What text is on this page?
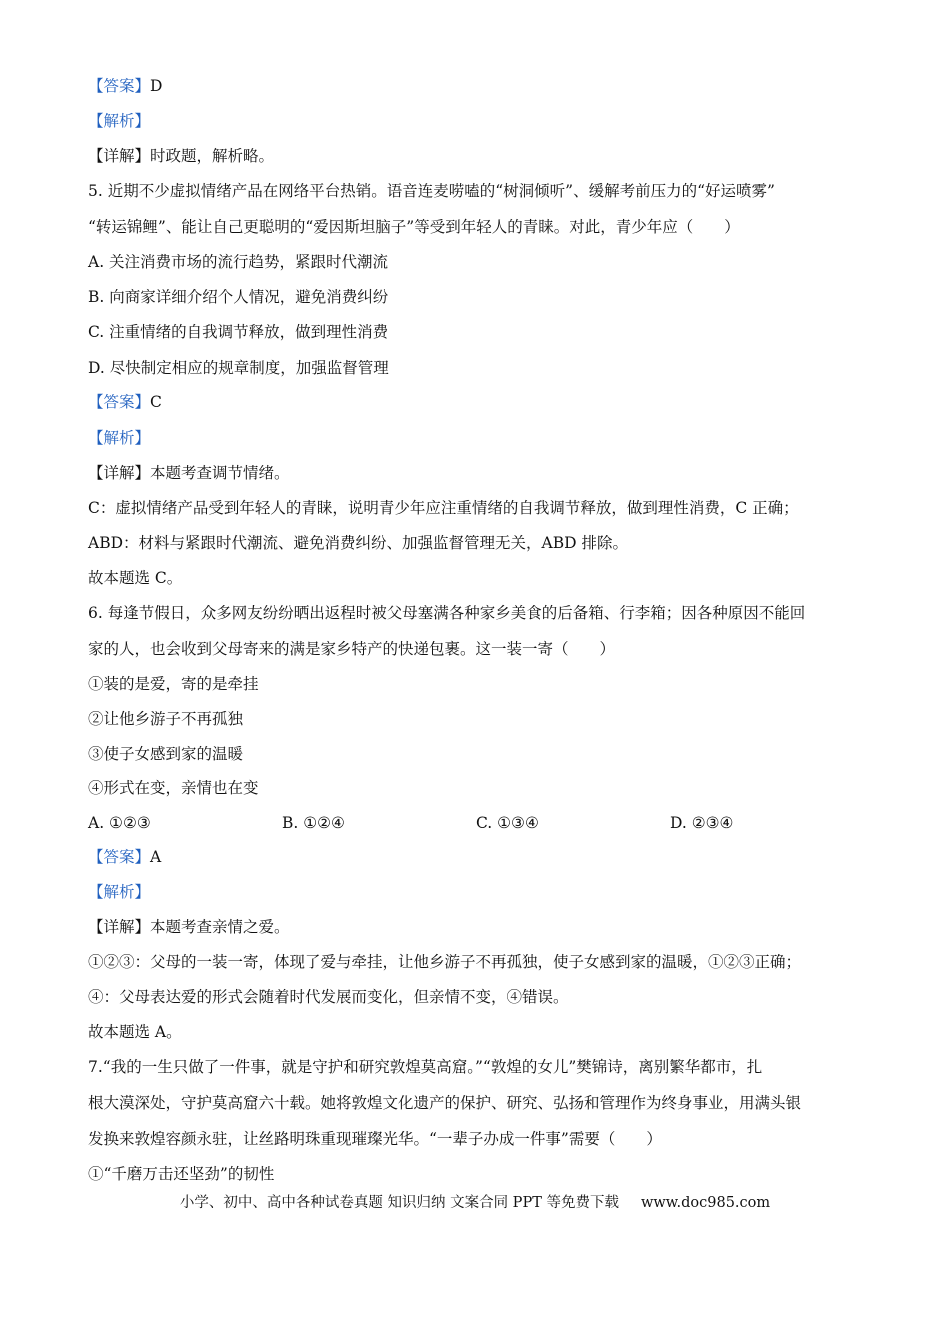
【答案】D
【解析】
【详解】时政题，解析略。
5. 近期不少虚拟情绪产品在网络平台热销。语音连麦唠嗑的“树洞倾听”、缓解考前压力的“好运喷雾”
“转运锦鲤”、能让自己更聪明的“爱因斯坦脑子”等受到年轻人的青睐。对此，青少年应（　　）
A. 关注消费市场的流行趋势，紧跟时代潮流
B. 向商家详细介绍个人情况，避免消费纠纷
C. 注重情绪的自我调节释放，做到理性消费
D. 尽快制定相应的规章制度，加强监督管理
【答案】C
【解析】
【详解】本题考查调节情绪。
C：虚拟情绪产品受到年轻人的青睐，说明青少年应注重情绪的自我调节释放，做到理性消费，C 正确；
ABD：材料与紧跟时代潮流、避免消费纠纷、加强监督管理无关，ABD 排除。
故本题选 C。
6. 每逢节假日，众多网友纷纷晒出返程时被父母塞满各种家乡美食的后备箱、行李箱；因各种原因不能回
家的人，也会收到父母寄来的满是家乡特产的快递包裹。这一装一寄（　　）
①装的是爱，寄的是牵挂
②让他乡游子不再孤独
③使子女感到家的温暖
④形式在变，亲情也在变
A. ①②③	B. ①②④	C. ①③④	D. ②③④
【答案】A
【解析】
【详解】本题考查亲情之爱。
①②③：父母的一装一寄，体现了爱与牵挂，让他乡游子不再孤独，使子女感到家的温暖，①②③正确；
④：父母表达爱的形式会随着时代发展而变化，但亲情不变，④错误。
故本题选 A。
7.“我的一生只做了一件事，就是守护和研究敦煌莫高窟。”“敦煌的女儿”樊锦诗，离别繁华都市，扎
根大漠深处，守护莫高窟六十载。她将敦煌文化遗产的保护、研究、弘扬和管理作为终身事业，用满头银
发换来敦煌容颜永驻，让丝路明珠重现璀璨光华。“一辈子办成一件事”需要（　　）
①“千磨万击还坚劲”的韧性
小学、初中、高中各种试卷真题 知识归纳 文案合同 PPT 等免费下载 www.doc985.com
